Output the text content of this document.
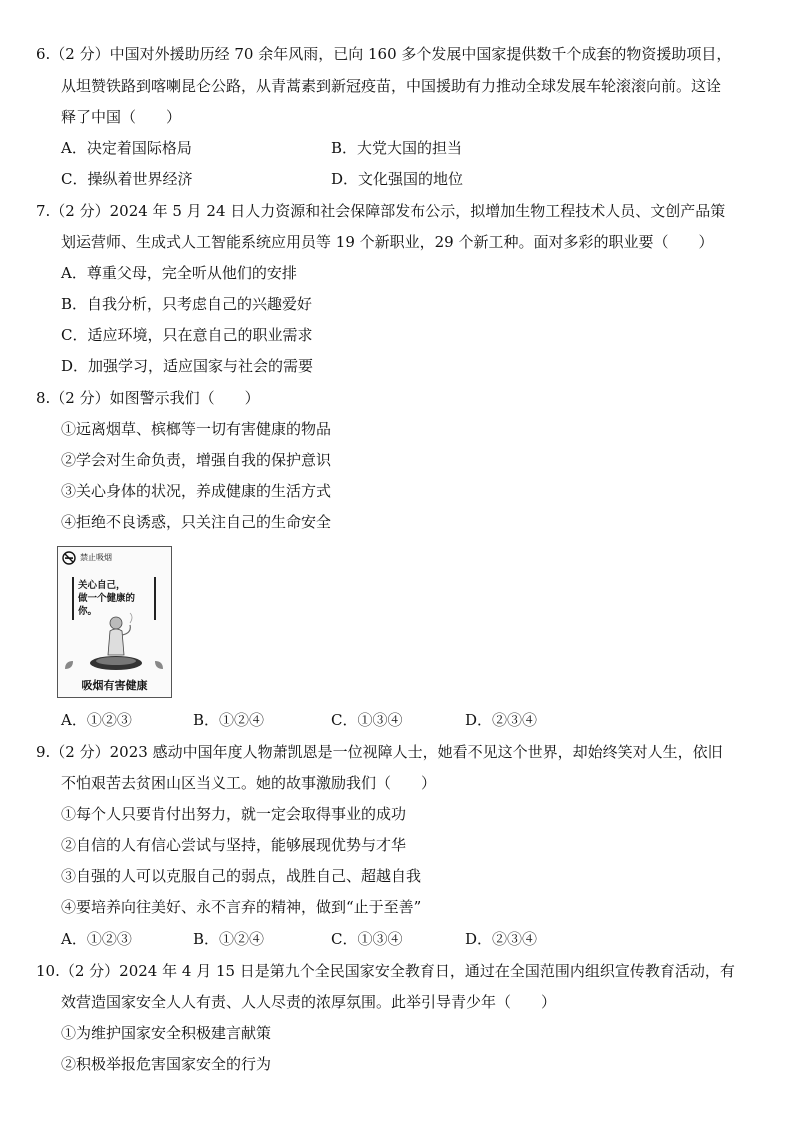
6.（2 分）中国对外援助历经 70 余年风雨，已向 160 多个发展中国家提供数千个成套的物资援助项目，
从坦赞铁路到喀喇昆仑公路，从青蒿素到新冠疫苗，中国援助有力推动全球发展车轮滚滚向前。这诠
释了中国（　　）
A．决定着国际格局	B．大党大国的担当
C．操纵着世界经济	D．文化强国的地位
7.（2 分）2024 年 5 月 24 日人力资源和社会保障部发布公示，拟增加生物工程技术人员、文创产品策
划运营师、生成式人工智能系统应用员等 19 个新职业，29 个新工种。面对多彩的职业要（　　）
A．尊重父母，完全听从他们的安排
B．自我分析，只考虑自己的兴趣爱好
C．适应环境，只在意自己的职业需求
D．加强学习，适应国家与社会的需要
8.（2 分）如图警示我们（　　）
①远离烟草、槟榔等一切有害健康的物品
②学会对生命负责，增强自我的保护意识
③关心身体的状况，养成健康的生活方式
④拒绝不良诱惑，只关注自己的生命安全
禁止吸烟
关心自己，
做一个健康的你。
吸烟有害健康
A．①②③	B．①②④	C．①③④	D．②③④
9.（2 分）2023 感动中国年度人物萧凯恩是一位视障人士，她看不见这个世界，却始终笑对人生，依旧
不怕艰苦去贫困山区当义工。她的故事激励我们（　　）
①每个人只要肯付出努力，就一定会取得事业的成功
②自信的人有信心尝试与坚持，能够展现优势与才华
③自强的人可以克服自己的弱点，战胜自己、超越自我
④要培养向往美好、永不言弃的精神，做到“止于至善”
A．①②③	B．①②④	C．①③④	D．②③④
10.（2 分）2024 年 4 月 15 日是第九个全民国家安全教育日，通过在全国范围内组织宣传教育活动，有
效营造国家安全人人有责、人人尽责的浓厚氛围。此举引导青少年（　　）
①为维护国家安全积极建言献策
②积极举报危害国家安全的行为
